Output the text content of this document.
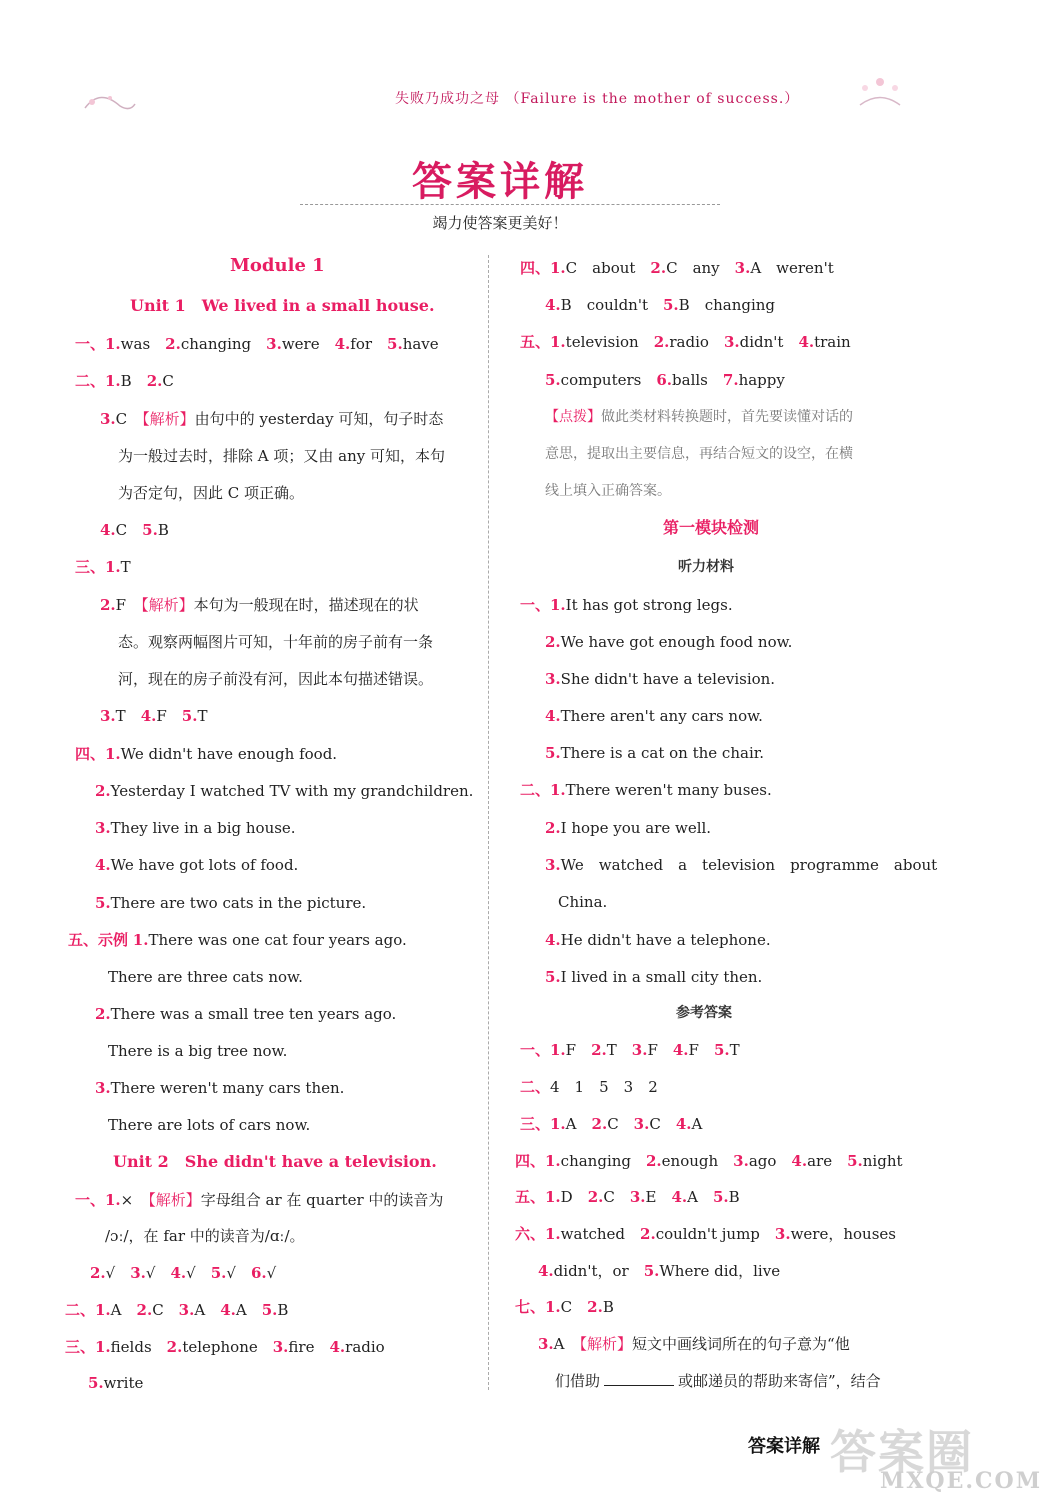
失败乃成功之母 （Failure is the mother of success.）
答案详解
竭力使答案更美好！
Module 1
Unit 1　We lived in a small house.
一、1.was　2.changing　3.were　4.for　5.have
二、1.B　2.C
3.C　【解析】由句中的 yesterday 可知，句子时态
为一般过去时，排除 A 项；又由 any 可知，本句
为否定句，因此 C 项正确。
4.C　5.B
三、1.T
2.F　【解析】本句为一般现在时，描述现在的状
态。观察两幅图片可知，十年前的房子前有一条
河，现在的房子前没有河，因此本句描述错误。
3.T　4.F　5.T
四、1.We didn't have enough food.
2.Yesterday I watched TV with my grandchildren.
3.They live in a big house.
4.We have got lots of food.
5.There are two cats in the picture.
五、示例 1.There was one cat four years ago.
There are three cats now.
2.There was a small tree ten years ago.
There is a big tree now.
3.There weren't many cars then.
There are lots of cars now.
Unit 2　She didn't have a television.
一、1.×　【解析】字母组合 ar 在 quarter 中的读音为
/ɔː/，在 far 中的读音为/ɑː/。
2.√　3.√　4.√　5.√　6.√
二、1.A　2.C　3.A　4.A　5.B
三、1.fields　2.telephone　3.fire　4.radio
5.write
四、1.C　about　2.C　any　3.A　weren't
4.B　couldn't　5.B　changing
五、1.television　2.radio　3.didn't　4.train
5.computers　6.balls　7.happy
【点拨】做此类材料转换题时，首先要读懂对话的
意思，提取出主要信息，再结合短文的设空，在横
线上填入正确答案。
第一模块检测
听力材料
一、1.It has got strong legs.
2.We have got enough food now.
3.She didn't have a television.
4.There aren't any cars now.
5.There is a cat on the chair.
二、1.There weren't many buses.
2.I hope you are well.
3.We　watched　a　television　programme　about
China.
4.He didn't have a telephone.
5.I lived in a small city then.
参考答案
一、1.F　2.T　3.F　4.F　5.T
二、4　1　5　3　2
三、1.A　2.C　3.C　4.A
四、1.changing　2.enough　3.ago　4.are　5.night
五、1.D　2.C　3.E　4.A　5.B
六、1.watched　2.couldn't jump　3.were，houses
4.didn't，or　5.Where did，live
七、1.C　2.B
3.A　【解析】短文中画线词所在的句子意为“他
们借助	或邮递员的帮助来寄信”，结合
答案圈
MXQE.COM
答案详解
